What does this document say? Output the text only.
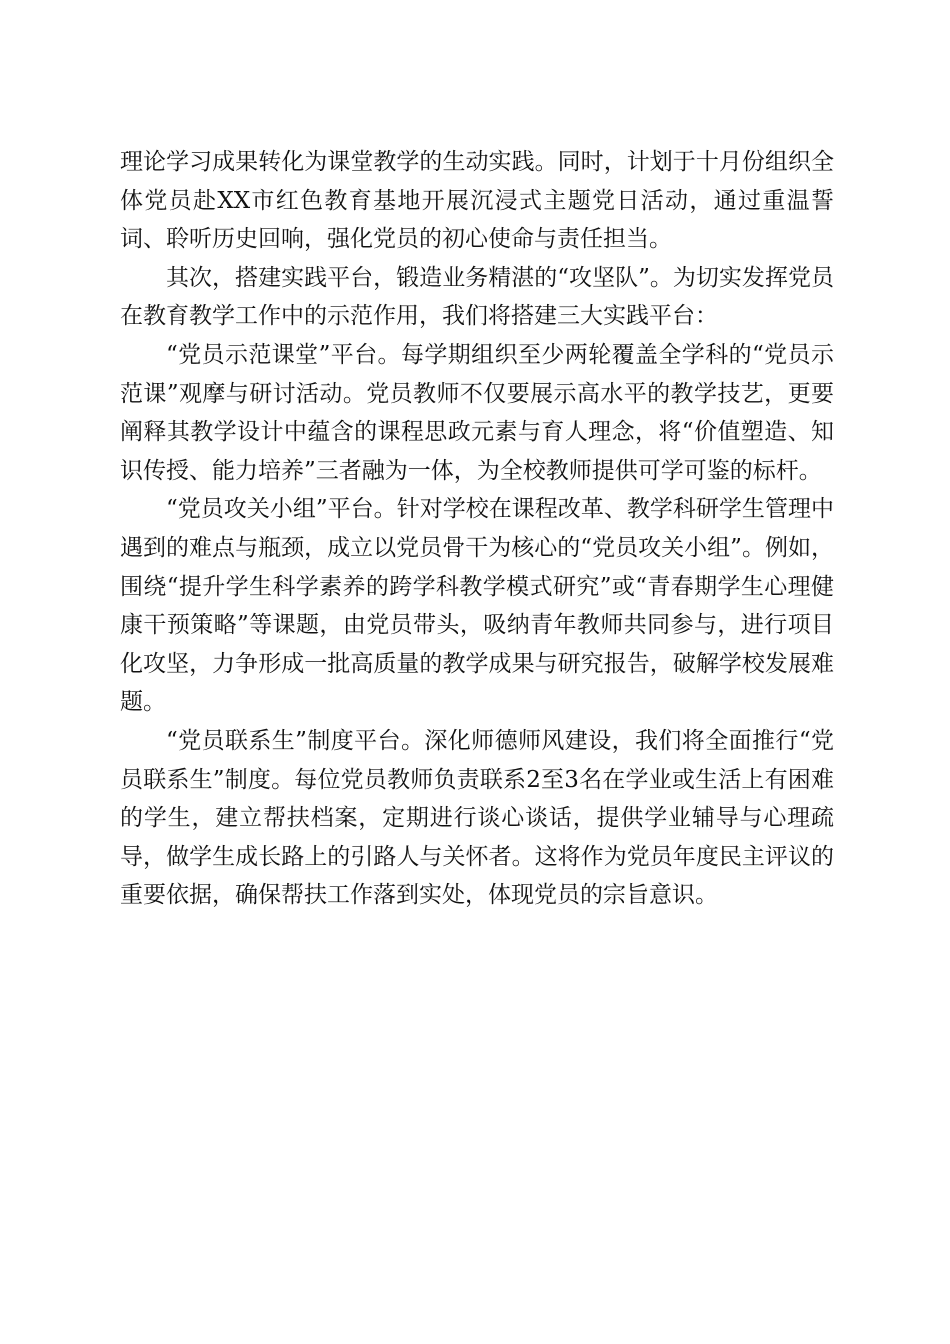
理论学习成果转化为课堂教学的生动实践。同时，计划于十月份组织全体党员赴XX市红色教育基地开展沉浸式主题党日活动，通过重温誓词、聆听历史回响，强化党员的初心使命与责任担当。

其次，搭建实践平台，锻造业务精湛的“攻坚队”。为切实发挥党员在教育教学工作中的示范作用，我们将搭建三大实践平台：

“党员示范课堂”平台。每学期组织至少两轮覆盖全学科的“党员示范课”观摩与研讨活动。党员教师不仅要展示高水平的教学技艺，更要阐释其教学设计中蕴含的课程思政元素与育人理念，将“价值塑造、知识传授、能力培养”三者融为一体，为全校教师提供可学可鉴的标杆。

“党员攻关小组”平台。针对学校在课程改革、教学科研学生管理中遇到的难点与瓶颈，成立以党员骨干为核心的“党员攻关小组”。例如，围绕“提升学生科学素养的跨学科教学模式研究”或“青春期学生心理健康干预策略”等课题，由党员带头，吸纳青年教师共同参与，进行项目化攻坚，力争形成一批高质量的教学成果与研究报告，破解学校发展难题。

“党员联系生”制度平台。深化师德师风建设，我们将全面推行“党员联系生”制度。每位党员教师负责联系2至3名在学业或生活上有困难的学生，建立帮扶档案，定期进行谈心谈话，提供学业辅导与心理疏导，做学生成长路上的引路人与关怀者。这将作为党员年度民主评议的重要依据，确保帮扶工作落到实处，体现党员的宗旨意识。
